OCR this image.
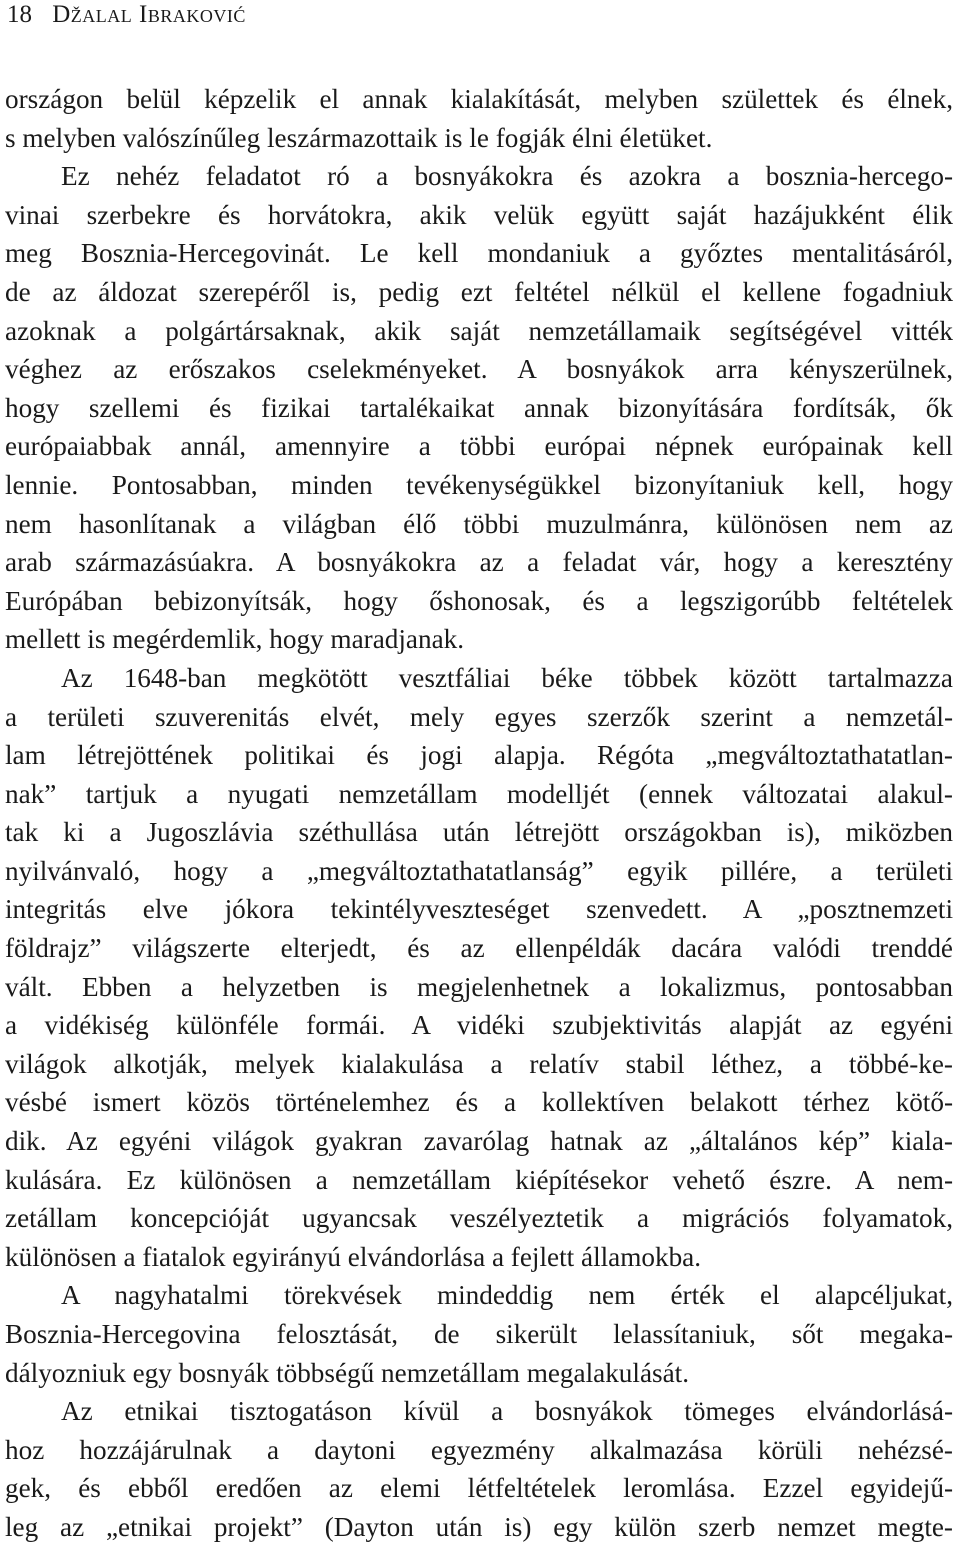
18 Džalal Ibraković
országon belül képzelik el annak kialakítását, melyben születtek és élnek,
s melyben valószínűleg leszármazottaik is le fogják élni életüket.
Ez nehéz feladatot ró a bosnyákokra és azokra a bosznia-hercego-
vinai szerbekre és horvátokra, akik velük együtt saját hazájukként élik
meg Bosznia-Hercegovinát. Le kell mondaniuk a győztes mentalitásáról,
de az áldozat szerepéről is, pedig ezt feltétel nélkül el kellene fogadniuk
azoknak a polgártársaknak, akik saját nemzetállamaik segítségével vitték
véghez az erőszakos cselekményeket. A bosnyákok arra kényszerülnek,
hogy szellemi és fizikai tartalékaikat annak bizonyítására fordítsák, ők
európaiabbak annál, amennyire a többi európai népnek európainak kell
lennie. Pontosabban, minden tevékenységükkel bizonyítaniuk kell, hogy
nem hasonlítanak a világban élő többi muzulmánra, különösen nem az
arab származásúakra. A bosnyákokra az a feladat vár, hogy a keresztény
Európában bebizonyítsák, hogy őshonosak, és a legszigorúbb feltételek
mellett is megérdemlik, hogy maradjanak.
Az 1648-ban megkötött vesztfáliai béke többek között tartalmazza
a területi szuverenitás elvét, mely egyes szerzők szerint a nemzetál-
lam létrejöttének politikai és jogi alapja. Régóta „megváltoztathatatlan-
nak” tartjuk a nyugati nemzetállam modelljét (ennek változatai alakul-
tak ki a Jugoszlávia széthullása után létrejött országokban is), miközben
nyilvánvaló, hogy a „megváltoztathatatlanság” egyik pillére, a területi
integritás elve jókora tekintélyveszteséget szenvedett. A „posztnemzeti
földrajz” világszerte elterjedt, és az ellenpéldák dacára valódi trenddé
vált. Ebben a helyzetben is megjelenhetnek a lokalizmus, pontosabban
a vidékiség különféle formái. A vidéki szubjektivitás alapját az egyéni
világok alkotják, melyek kialakulása a relatív stabil léthez, a többé-ke-
vésbé ismert közös történelemhez és a kollektíven belakott térhez kötő-
dik. Az egyéni világok gyakran zavarólag hatnak az „általános kép” kiala-
kulására. Ez különösen a nemzetállam kiépítésekor vehető észre. A nem-
zetállam koncepcióját ugyancsak veszélyeztetik a migrációs folyamatok,
különösen a fiatalok egyirányú elvándorlása a fejlett államokba.
A nagyhatalmi törekvések mindeddig nem érték el alapcéljukat,
Bosznia-Hercegovina felosztását, de sikerült lelassítaniuk, sőt megaka-
dályozniuk egy bosnyák többségű nemzetállam megalakulását.
Az etnikai tisztogatáson kívül a bosnyákok tömeges elvándorlásá-
hoz hozzájárulnak a daytoni egyezmény alkalmazása körüli nehézsé-
gek, és ebből eredően az elemi létfeltételek leromlása. Ezzel egyidejű-
leg az „etnikai projekt” (Dayton után is) egy külön szerb nemzet megte-
